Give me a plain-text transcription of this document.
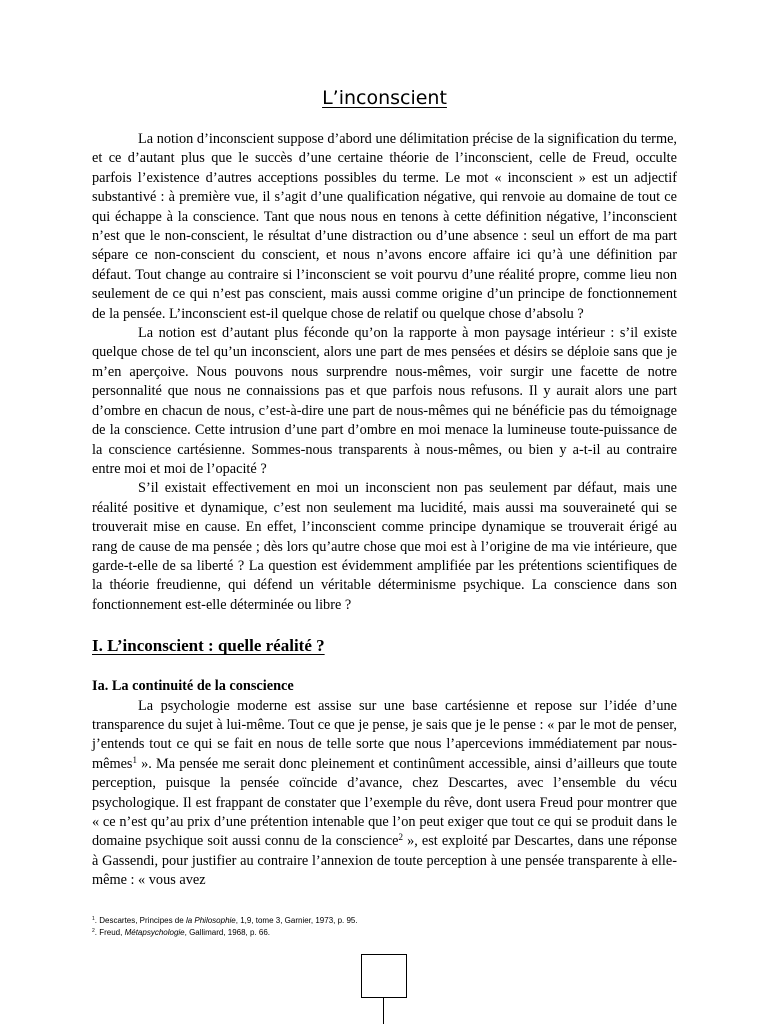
L’inconscient

La notion d’inconscient suppose d’abord une délimitation précise de la signification du terme, et ce d’autant plus que le succès d’une certaine théorie de l’inconscient, celle de Freud, occulte parfois l’existence d’autres acceptions possibles du terme. Le mot « inconscient » est un adjectif substantivé : à première vue, il s’agit d’une qualification négative, qui renvoie au domaine de tout ce qui échappe à la conscience. Tant que nous nous en tenons à cette définition négative, l’inconscient n’est que le non-conscient, le résultat d’une distraction ou d’une absence : seul un effort de ma part sépare ce non-conscient du conscient, et nous n’avons encore affaire ici qu’à une définition par défaut. Tout change au contraire si l’inconscient se voit pourvu d’une réalité propre, comme lieu non seulement de ce qui n’est pas conscient, mais aussi comme origine d’un principe de fonctionnement de la pensée. L’inconscient est-il quelque chose de relatif ou quelque chose d’absolu ?

La notion est d’autant plus féconde qu’on la rapporte à mon paysage intérieur : s’il existe quelque chose de tel qu’un inconscient, alors une part de mes pensées et désirs se déploie sans que je m’en aperçoive. Nous pouvons nous surprendre nous-mêmes, voir surgir une facette de notre personnalité que nous ne connaissions pas et que parfois nous refusons. Il y aurait alors une part d’ombre en chacun de nous, c’est-à-dire une part de nous-mêmes qui ne bénéficie pas du témoignage de la conscience. Cette intrusion d’une part d’ombre en moi menace la lumineuse toute-puissance de la conscience cartésienne. Sommes-nous transparents à nous-mêmes, ou bien y a-t-il au contraire entre moi et moi de l’opacité ?

S’il existait effectivement en moi un inconscient non pas seulement par défaut, mais une réalité positive et dynamique, c’est non seulement ma lucidité, mais aussi ma souveraineté qui se trouverait mise en cause. En effet, l’inconscient comme principe dynamique se trouverait érigé au rang de cause de ma pensée ; dès lors qu’autre chose que moi est à l’origine de ma vie intérieure, que garde-t-elle de sa liberté ? La question est évidemment amplifiée par les prétentions scientifiques de la théorie freudienne, qui défend un véritable déterminisme psychique. La conscience dans son fonctionnement est-elle déterminée ou libre ?

I. L’inconscient : quelle réalité ?
Ia. La continuité de la conscience

La psychologie moderne est assise sur une base cartésienne et repose sur l’idée d’une transparence du sujet à lui-même. Tout ce que je pense, je sais que je le pense : « par le mot de penser, j’entends tout ce qui se fait en nous de telle sorte que nous l’apercevions immédiatement par nous-mêmes$^1$ ». Ma pensée me serait donc pleinement et continûment accessible, ainsi d’ailleurs que toute perception, puisque la pensée coïncide d’avance, chez Descartes, avec l’ensemble du vécu psychologique. Il est frappant de constater que l’exemple du rêve, dont usera Freud pour montrer que « ce n’est qu’au prix d’une prétention intenable que l’on peut exiger que tout ce qui se produit dans le domaine psychique soit aussi connu de la conscience$^2$ », est exploité par Descartes, dans une réponse à Gassendi, pour justifier au contraire l’annexion de toute perception à une pensée transparente à elle-même : « vous avez

$^1$. Descartes, Principes de la Philosophie, 1,9, tome 3, Garnier, 1973, p. 95.
$^2$. Freud, Métapsychologie, Gallimard, 1968, p. 66.
